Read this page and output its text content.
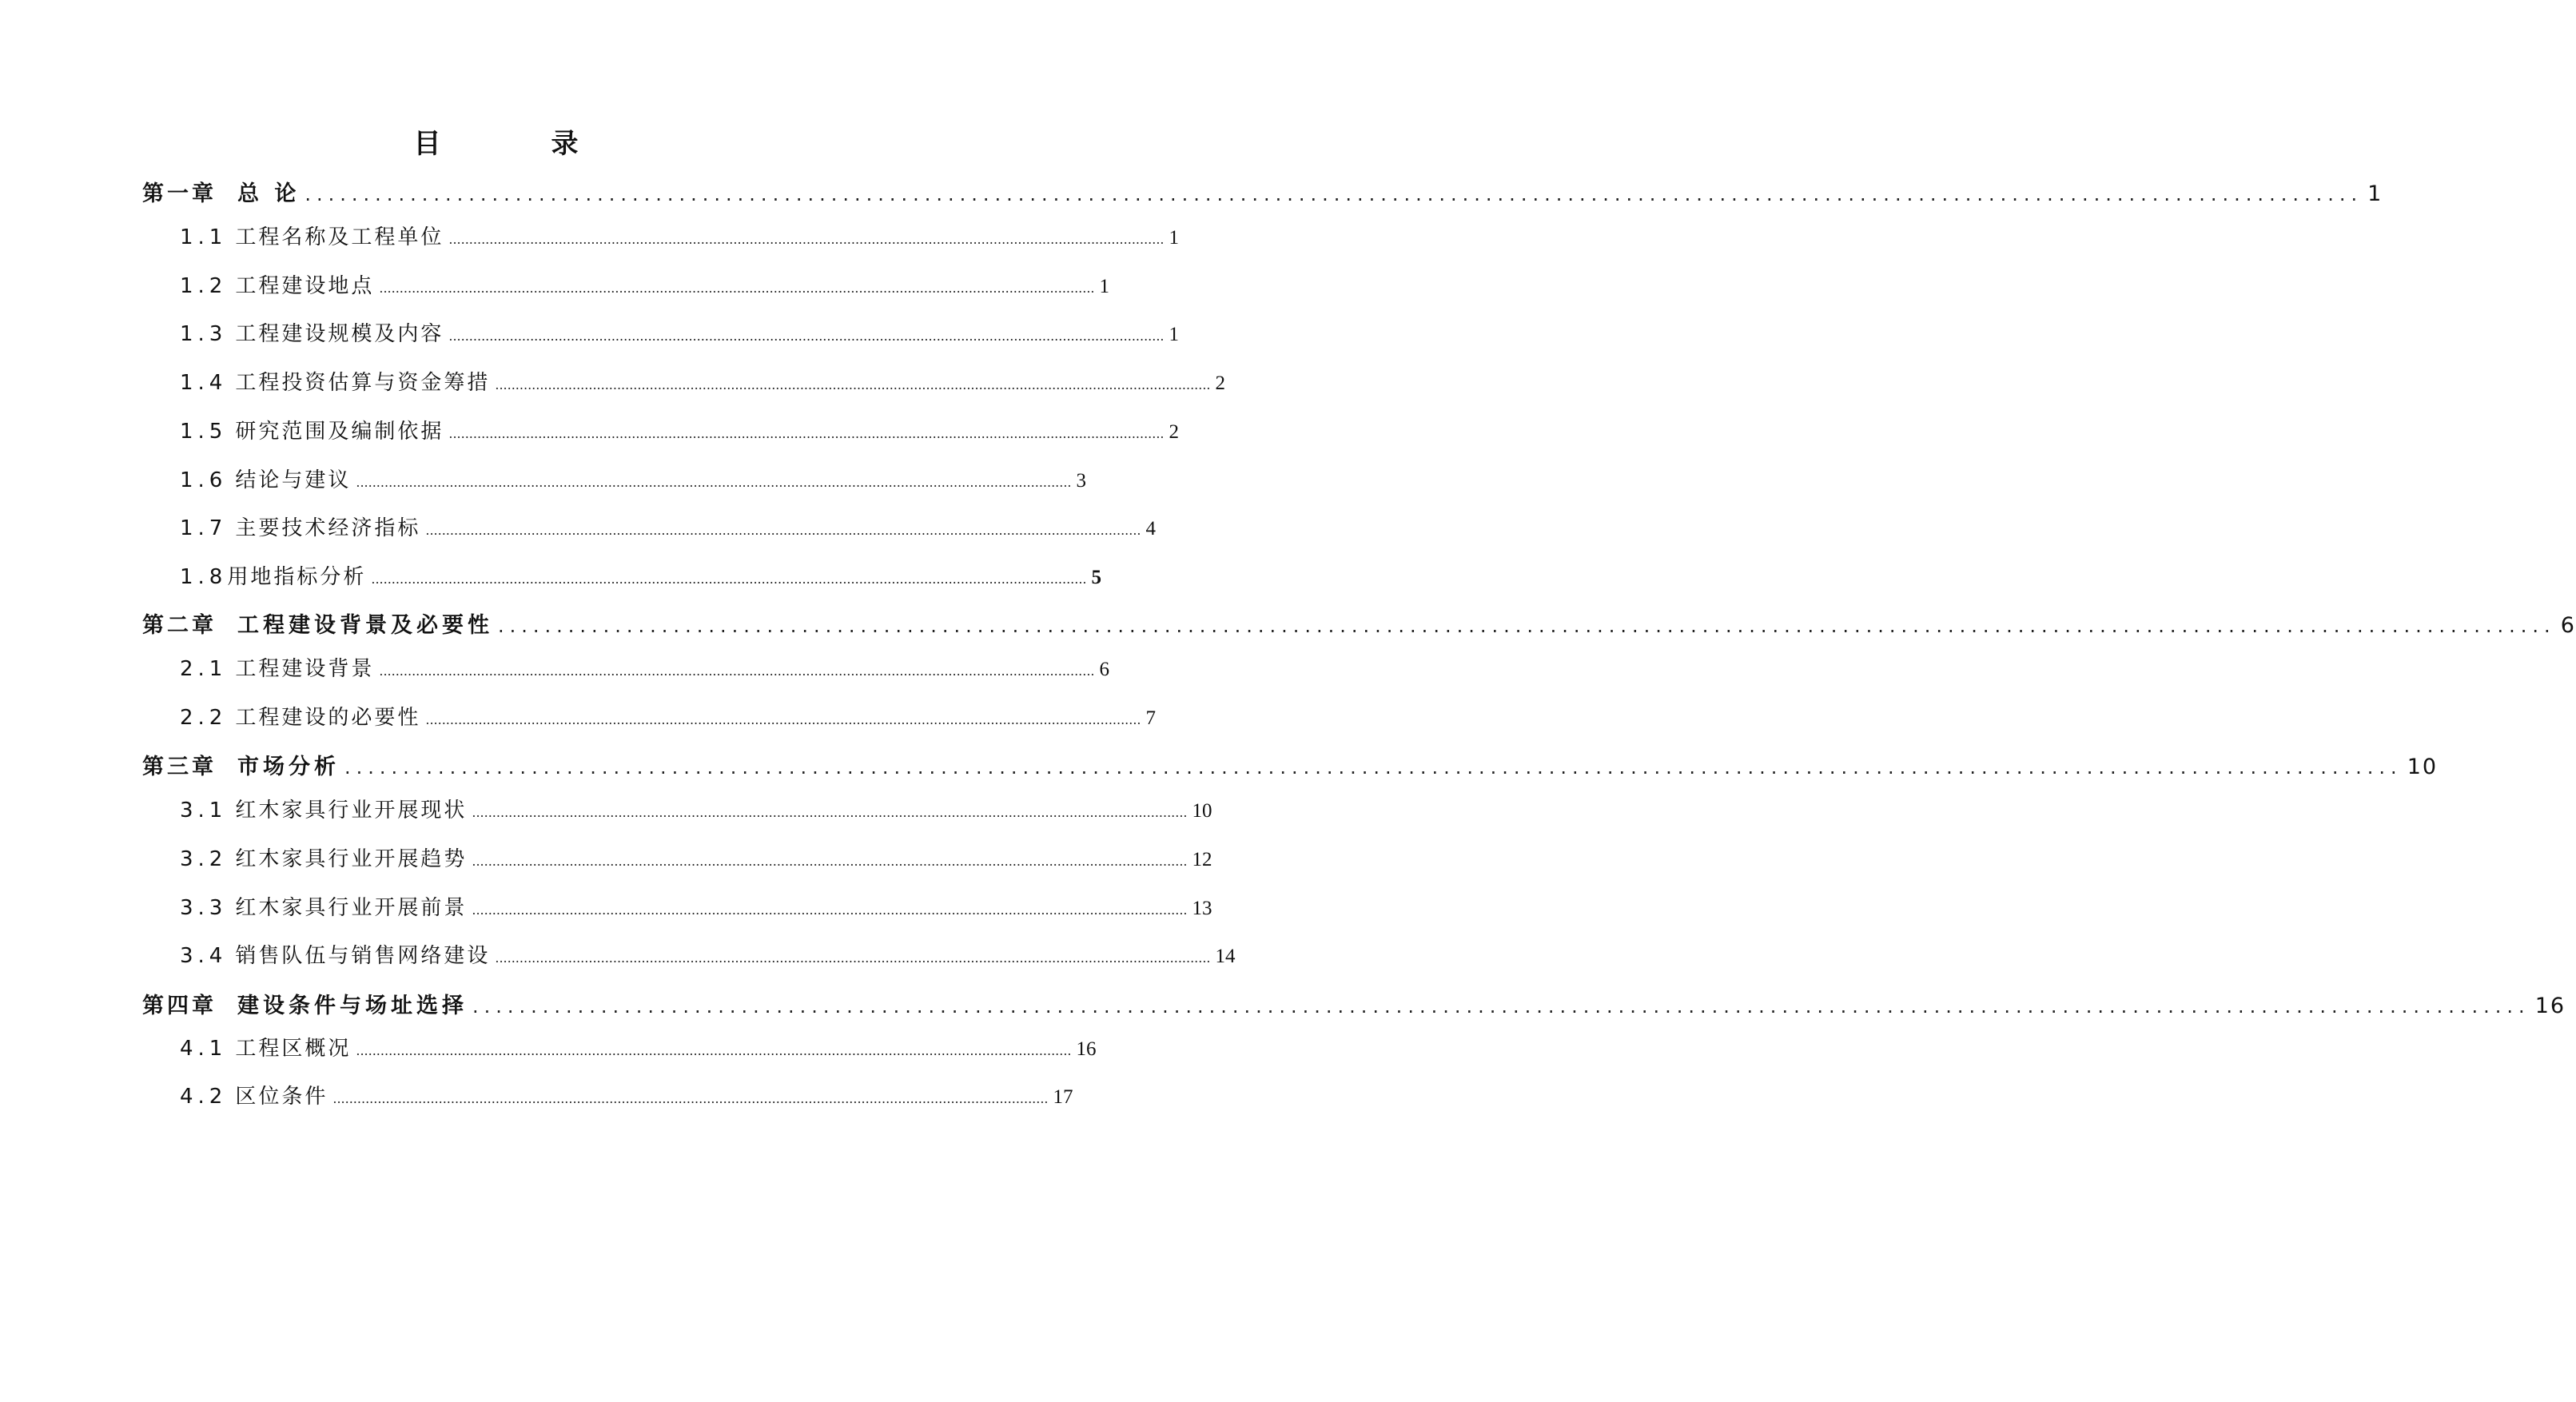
目　录
第一章 总 论 ................................................................................................................................................................................ 1
1.1 工程名称及工程单位 ................................................................................................................................................................................ 1
1.2 工程建设地点 ................................................................................................................................................................................ 1
1.3 工程建设规模及内容 ................................................................................................................................................................................ 1
1.4 工程投资估算与资金筹措 ................................................................................................................................................................................ 2
1.5 研究范围及编制依据 ................................................................................................................................................................................ 2
1.6 结论与建议 ................................................................................................................................................................................ 3
1.7 主要技术经济指标 ................................................................................................................................................................................ 4
1.8 用地指标分析 ................................................................................................................................................................................ 5
第二章 工程建设背景及必要性 ................................................................................................................................................................................ 6
2.1 工程建设背景 ................................................................................................................................................................................ 6
2.2 工程建设的必要性 ................................................................................................................................................................................ 7
第三章 市场分析 ................................................................................................................................................................................ 10
3.1 红木家具行业开展现状 ................................................................................................................................................................................ 10
3.2 红木家具行业开展趋势 ................................................................................................................................................................................ 12
3.3 红木家具行业开展前景 ................................................................................................................................................................................ 13
3.4 销售队伍与销售网络建设 ................................................................................................................................................................................ 14
第四章 建设条件与场址选择 ................................................................................................................................................................................ 16
4.1 工程区概况 ................................................................................................................................................................................ 16
4.2 区位条件 ................................................................................................................................................................................ 17
